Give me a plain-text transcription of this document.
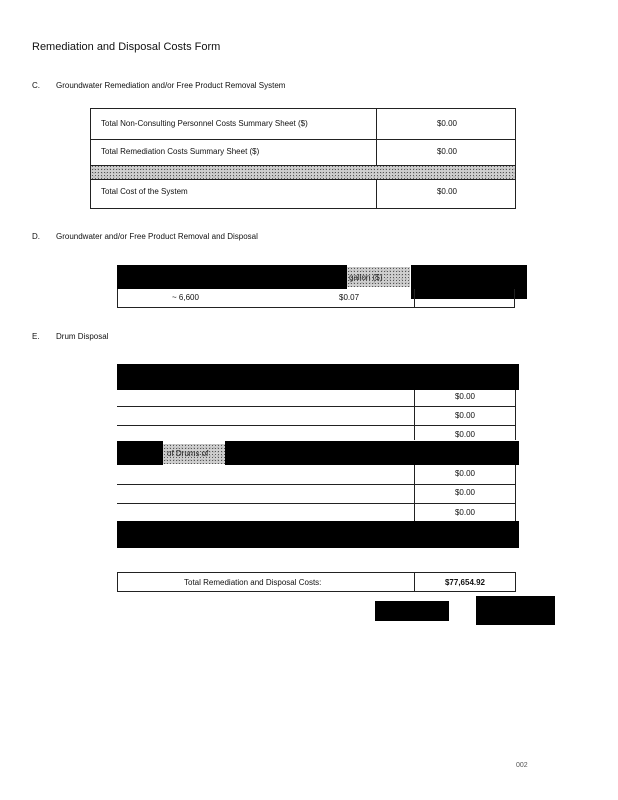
Remediation and Disposal Costs Form
C. Groundwater Remediation and/or Free Product Removal System
Total Non-Consulting Personnel Costs Summary Sheet ($)	$0.00
Total Remediation Costs Summary Sheet ($)	$0.00
Total Cost of the System	$0.00
D. Groundwater and/or Free Product Removal and Disposal
gallon ($)
~ 6,600	$0.07
E. Drum Disposal
$0.00
$0.00
$0.00
of Drums of
$0.00
$0.00
$0.00
Total Remediation and Disposal Costs:	$77,654.92
002
